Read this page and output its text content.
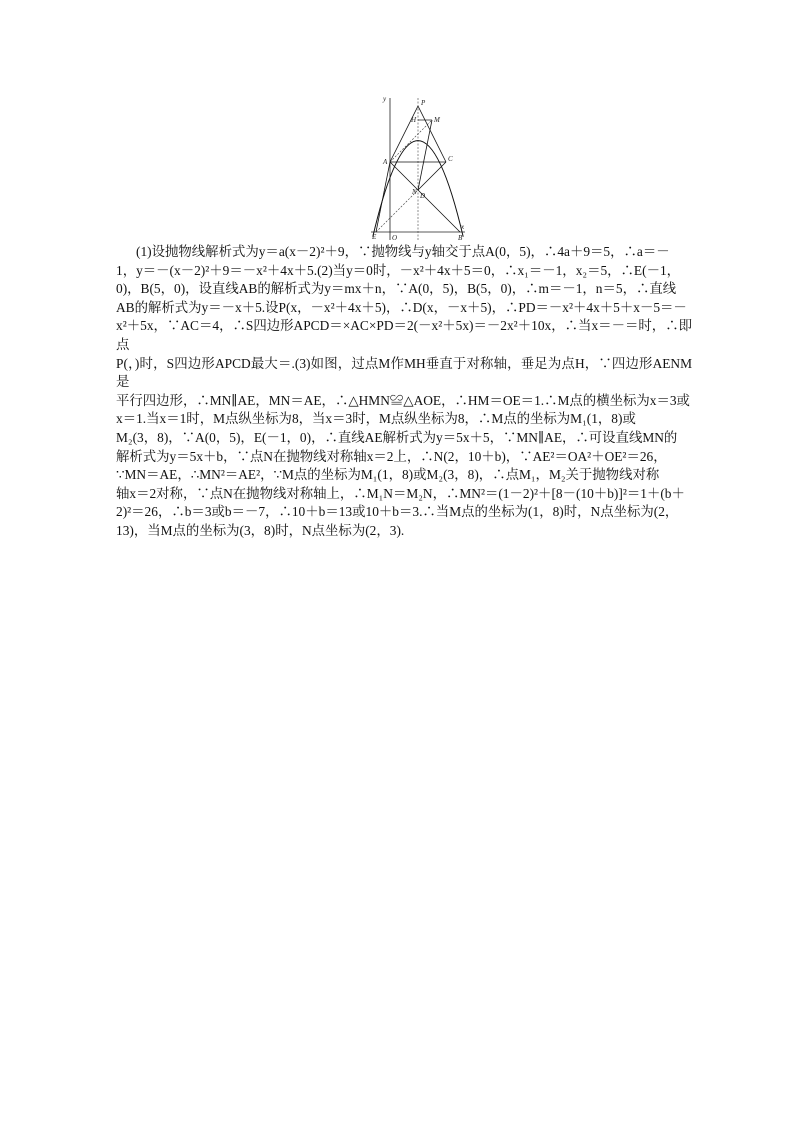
y
x
O
A
B
C
D
E
H
P
M
N

(1)设抛物线解析式为y＝a(x－2)²＋9，∵抛物线与y轴交于点A(0，5)，∴4a＋9＝5，∴a＝－

1，y＝－(x－2)²＋9＝－x²＋4x＋5.(2)当y＝0时，－x²＋4x＋5＝0，∴x₁＝－1，x₂＝5，∴E(－1，

0)，B(5，0)，设直线AB的解析式为y＝mx＋n，∵A(0，5)，B(5，0)，∴m＝－1，n＝5，∴直线

AB的解析式为y＝－x＋5.设P(x，－x²＋4x＋5)，∴D(x，－x＋5)，∴PD＝－x²＋4x＋5＋x－5＝－

x²＋5x，∵AC＝4，∴S四边形APCD＝×AC×PD＝2(－x²＋5x)＝－2x²＋10x，∴当x＝－＝时，∴即点

P(，)时，S四边形APCD最大＝.(3)如图，过点M作MH垂直于对称轴，垂足为点H，∵四边形AENM是

平行四边形，∴MN∥AE，MN＝AE，∴△HMN≌△AOE，∴HM＝OE＝1.∴M点的横坐标为x＝3或

x＝1.当x＝1时，M点纵坐标为8，当x＝3时，M点纵坐标为8，∴M点的坐标为M₁(1，8)或

M₂(3，8)，∵A(0，5)，E(－1，0)，∴直线AE解析式为y＝5x＋5，∵MN∥AE，∴可设直线MN的

解析式为y＝5x＋b，∵点N在抛物线对称轴x＝2上，∴N(2，10＋b)，∵AE²＝OA²＋OE²＝26，

∵MN＝AE，∴MN²＝AE²，∵M点的坐标为M₁(1，8)或M₂(3，8)，∴点M₁，M₂关于抛物线对称

轴x＝2对称，∵点N在抛物线对称轴上，∴M₁N＝M₂N，∴MN²＝(1－2)²＋[8－(10＋b)]²＝1＋(b＋

2)²＝26，∴b＝3或b＝－7，∴10＋b＝13或10＋b＝3.∴当M点的坐标为(1，8)时，N点坐标为(2，

13)，当M点的坐标为(3，8)时，N点坐标为(2，3).
